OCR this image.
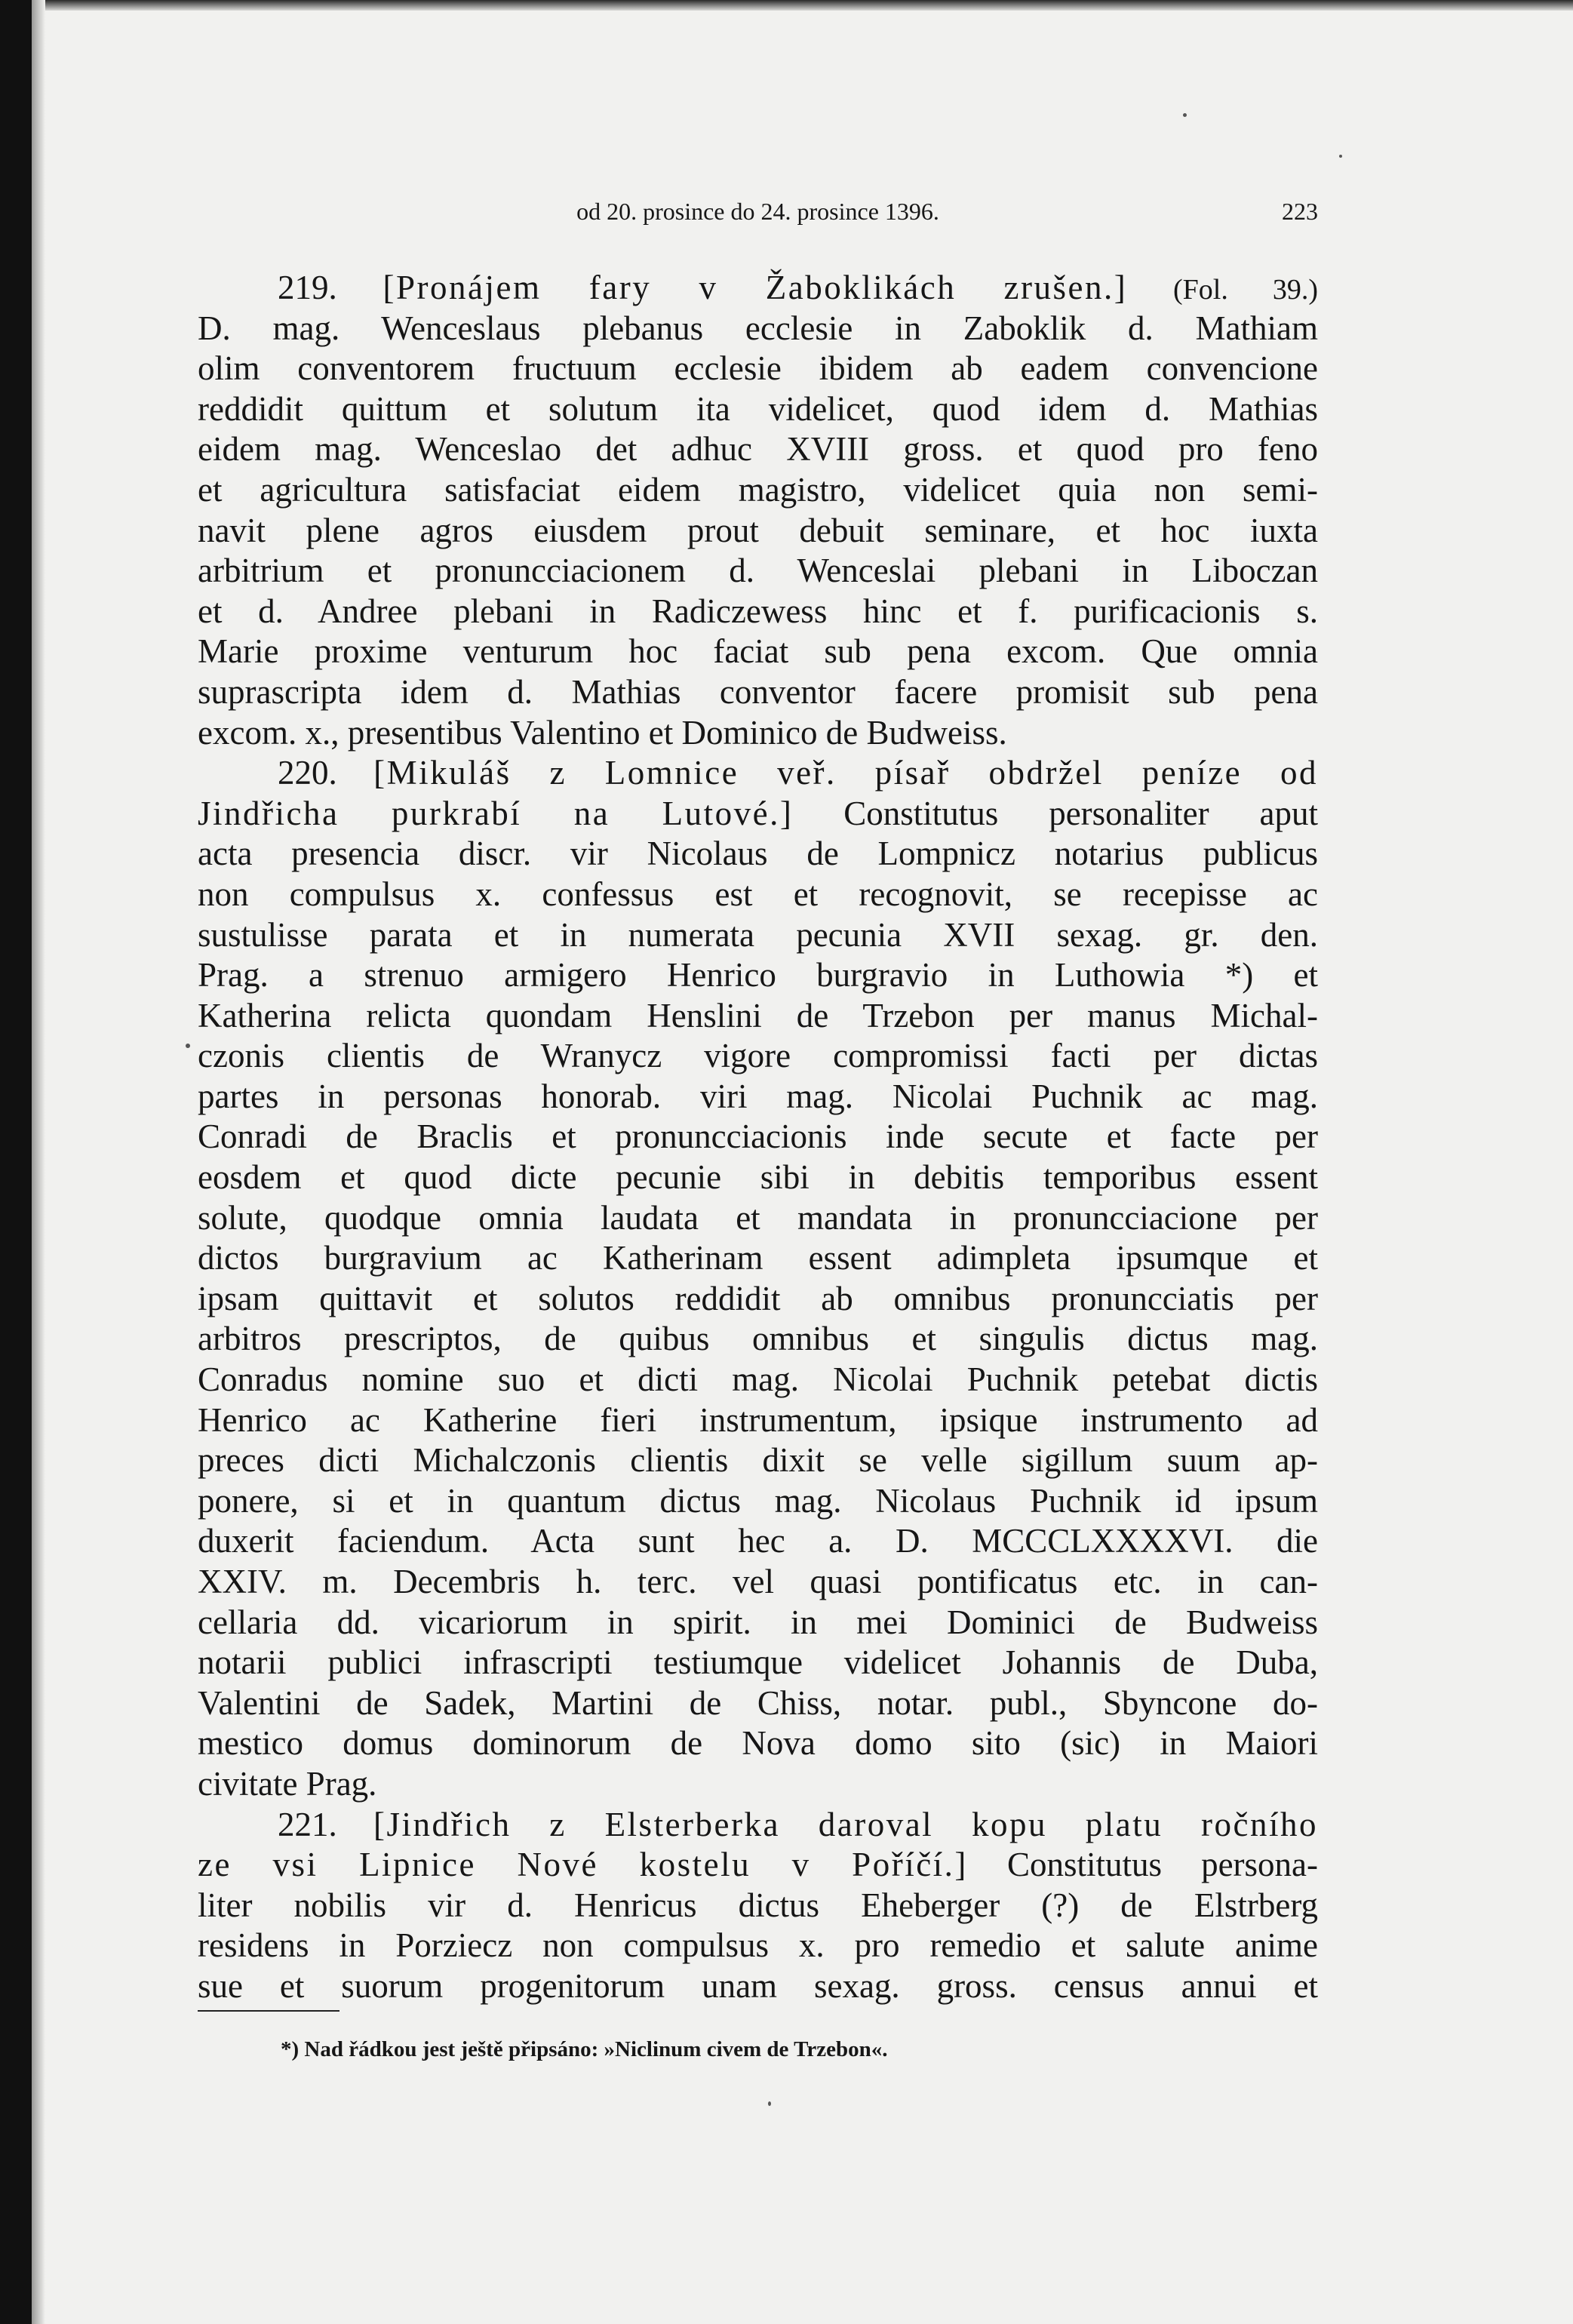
od 20. prosince do 24. prosince 1396.	223
219. [Pronájem fary v Žaboklikách zrušen.] (Fol. 39.)
D. mag. Wenceslaus plebanus ecclesie in Zaboklik d. Mathiam
olim conventorem fructuum ecclesie ibidem ab eadem convencione
reddidit quittum et solutum ita videlicet, quod idem d. Mathias
eidem mag. Wenceslao det adhuc XVIII gross. et quod pro feno
et agricultura satisfaciat eidem magistro, videlicet quia non semi-
navit plene agros eiusdem prout debuit seminare, et hoc iuxta
arbitrium et pronuncciacionem d. Wenceslai plebani in Liboczan
et d. Andree plebani in Radiczewess hinc et f. purificacionis s.
Marie proxime venturum hoc faciat sub pena excom. Que omnia
suprascripta idem d. Mathias conventor facere promisit sub pena
excom. x., presentibus Valentino et Dominico de Budweiss.
220. [Mikuláš z Lomnice veř. písař obdržel peníze od
Jindřicha purkrabí na Lutové.] Constitutus personaliter aput
acta presencia discr. vir Nicolaus de Lompnicz notarius publicus
non compulsus x. confessus est et recognovit, se recepisse ac
sustulisse parata et in numerata pecunia XVII sexag. gr. den.
Prag. a strenuo armigero Henrico burgravio in Luthowia *) et
Katherina relicta quondam Henslini de Trzebon per manus Michal-
czonis clientis de Wranycz vigore compromissi facti per dictas
partes in personas honorab. viri mag. Nicolai Puchnik ac mag.
Conradi de Braclis et pronuncciacionis inde secute et facte per
eosdem et quod dicte pecunie sibi in debitis temporibus essent
solute, quodque omnia laudata et mandata in pronuncciacione per
dictos burgravium ac Katherinam essent adimpleta ipsumque et
ipsam quittavit et solutos reddidit ab omnibus pronuncciatis per
arbitros prescriptos, de quibus omnibus et singulis dictus mag.
Conradus nomine suo et dicti mag. Nicolai Puchnik petebat dictis
Henrico ac Katherine fieri instrumentum, ipsique instrumento ad
preces dicti Michalczonis clientis dixit se velle sigillum suum ap-
ponere, si et in quantum dictus mag. Nicolaus Puchnik id ipsum
duxerit faciendum. Acta sunt hec a. D. MCCCLXXXXVI. die
XXIV. m. Decembris h. terc. vel quasi pontificatus etc. in can-
cellaria dd. vicariorum in spirit. in mei Dominici de Budweiss
notarii publici infrascripti testiumque videlicet Johannis de Duba,
Valentini de Sadek, Martini de Chiss, notar. publ., Sbyncone do-
mestico domus dominorum de Nova domo sito (sic) in Maiori
civitate Prag.
221. [Jindřich z Elsterberka daroval kopu platu ročního
ze vsi Lipnice Nové kostelu v Poříčí.] Constitutus persona-
liter nobilis vir d. Henricus dictus Eheberger (?) de Elstrberg
residens in Porziecz non compulsus x. pro remedio et salute anime
sue et suorum progenitorum unam sexag. gross. census annui et
*) Nad řádkou jest ještě připsáno: »Niclinum civem de Trzebon«.
